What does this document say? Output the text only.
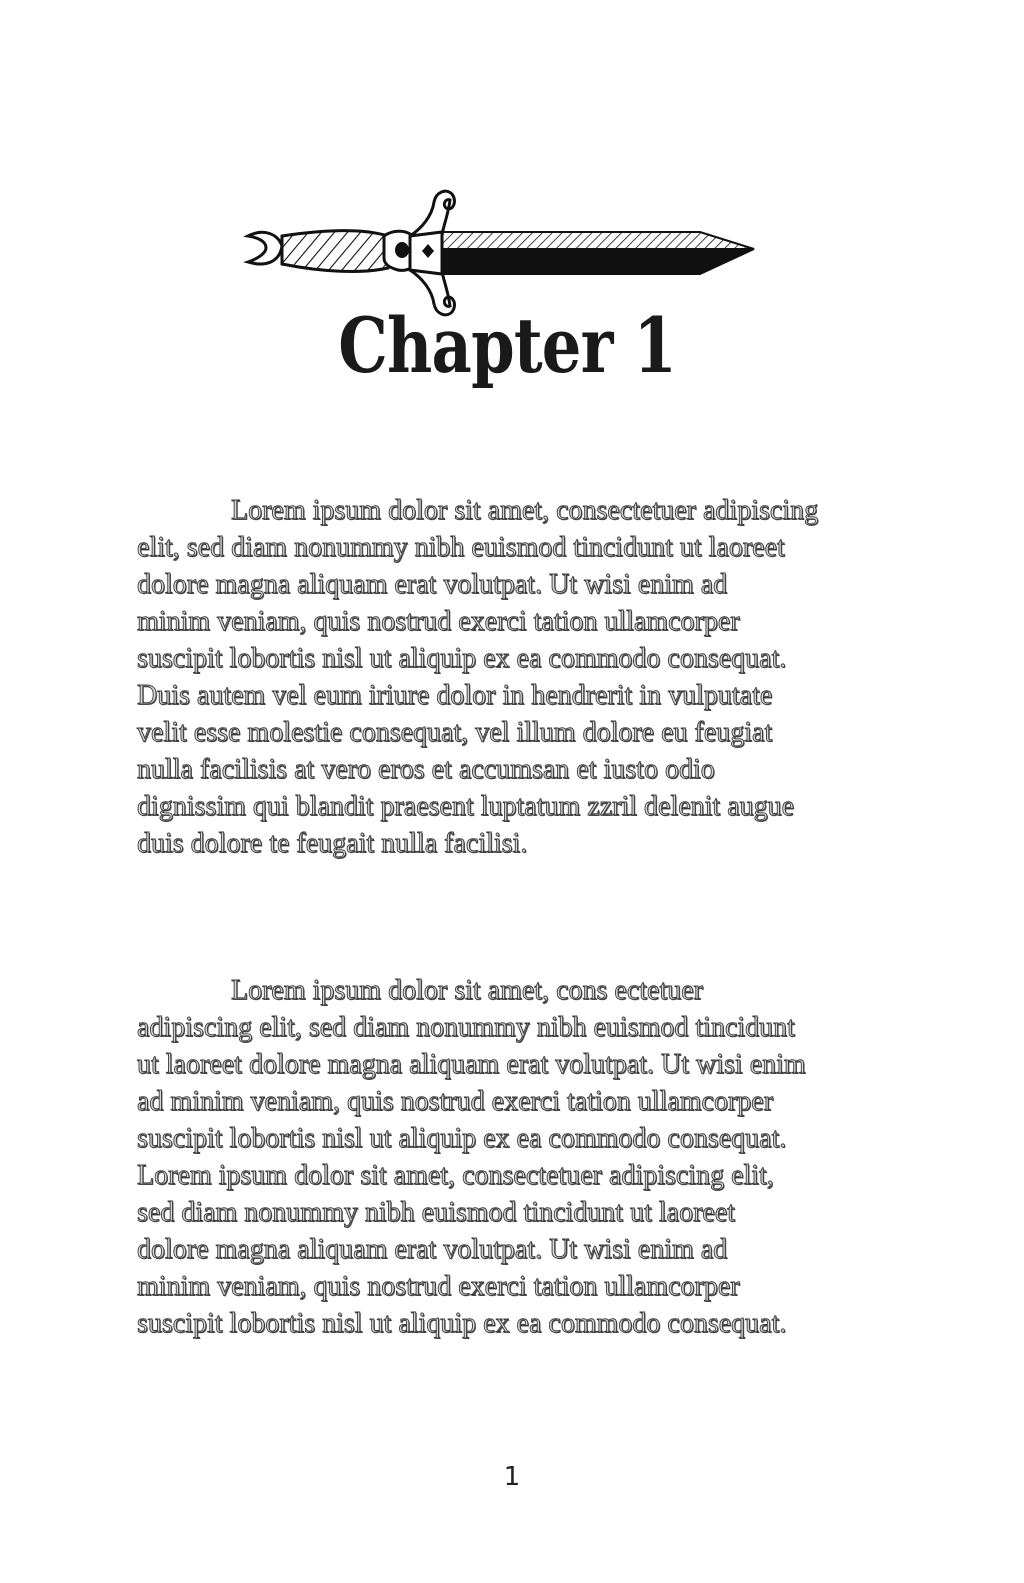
Chapter 1
Lorem ipsum dolor sit amet, consectetuer adipiscing
elit, sed diam nonummy nibh euismod tincidunt ut laoreet
dolore magna aliquam erat volutpat. Ut wisi enim ad
minim veniam, quis nostrud exerci tation ullamcorper
suscipit lobortis nisl ut aliquip ex ea commodo consequat.
Duis autem vel eum iriure dolor in hendrerit in vulputate
velit esse molestie consequat, vel illum dolore eu feugiat
nulla facilisis at vero eros et accumsan et iusto odio
dignissim qui blandit praesent luptatum zzril delenit augue
duis dolore te feugait nulla facilisi.
Lorem ipsum dolor sit amet, cons ectetuer
adipiscing elit, sed diam nonummy nibh euismod tincidunt
ut laoreet dolore magna aliquam erat volutpat. Ut wisi enim
ad minim veniam, quis nostrud exerci tation ullamcorper
suscipit lobortis nisl ut aliquip ex ea commodo consequat.
Lorem ipsum dolor sit amet, consectetuer adipiscing elit,
sed diam nonummy nibh euismod tincidunt ut laoreet
dolore magna aliquam erat volutpat. Ut wisi enim ad
minim veniam, quis nostrud exerci tation ullamcorper
suscipit lobortis nisl ut aliquip ex ea commodo consequat.
1
